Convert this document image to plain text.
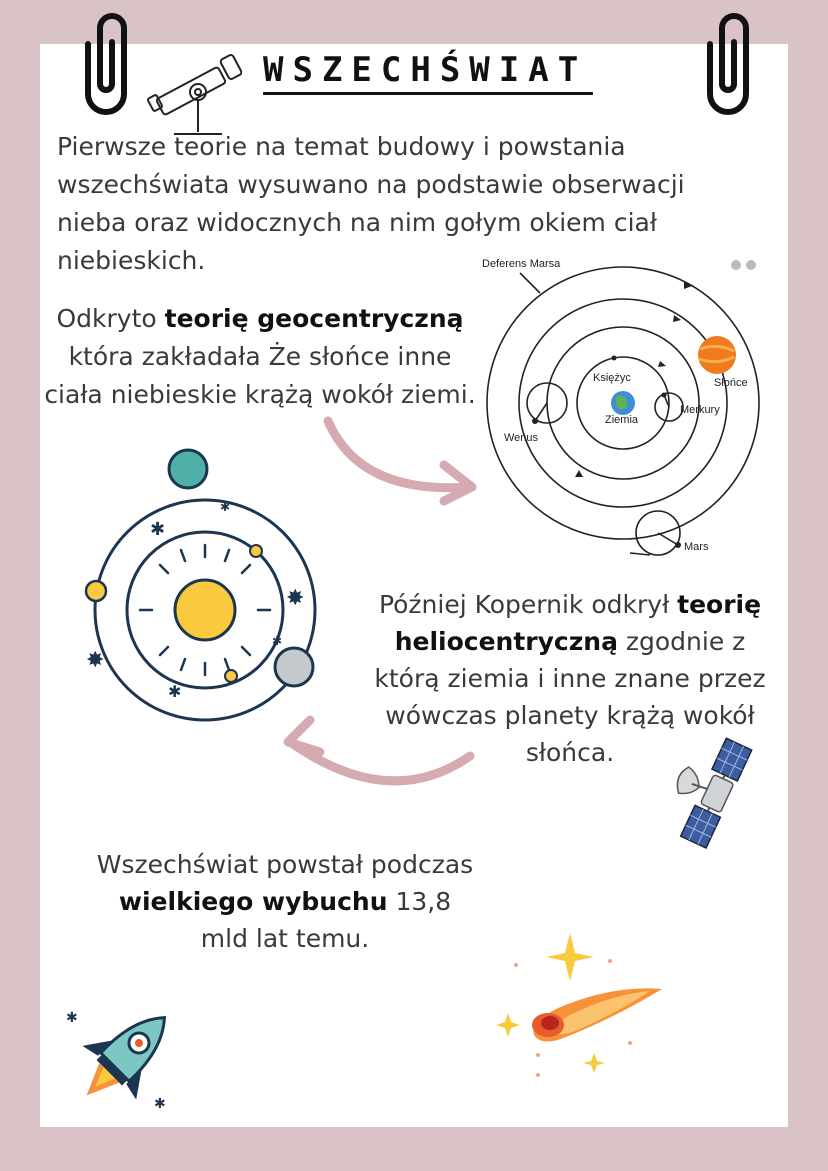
WSZECHŚWIAT
Pierwsze teorie na temat budowy i powstania wszechświata wysuwano na podstawie obserwacji nieba oraz widocznych na nim gołym okiem ciał niebieskich.
Odkryto teorię geocentryczną która zakładała Że słońce inne ciała niebieskie krążą wokół ziemi.
Deferens Marsa
Księżyc	Słońce
Ziemia
Wenus
Merkury
Mars
✱
✸
✸
✱
✱
✱
Później Kopernik odkrył teorię heliocentryczną zgodnie z którą ziemia i inne znane przez wówczas planety krążą wokół słońca.
Wszechświat powstał podczas wielkiego wybuchu 13,8 mld lat temu.
✱
✱
